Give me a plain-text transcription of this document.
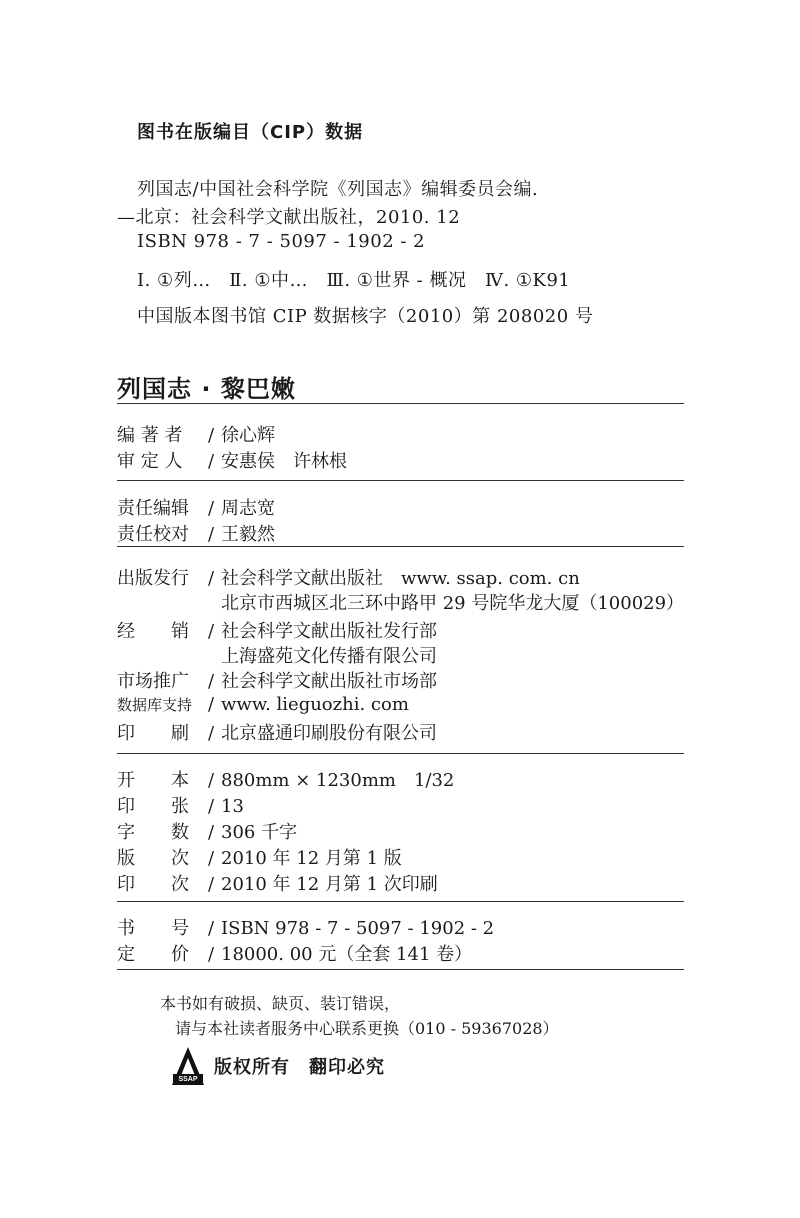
图书在版编目（CIP）数据
列国志/中国社会科学院《列国志》编辑委员会编.
—北京：社会科学文献出版社，2010. 12
ISBN 978 - 7 - 5097 - 1902 - 2
Ⅰ. ①列…　Ⅱ. ①中…　Ⅲ. ①世界 - 概况　Ⅳ. ①K91
中国版本图书馆 CIP 数据核字（2010）第 208020 号
列国志 · 黎巴嫩
编 著 者 / 徐心辉
审 定 人 / 安惠侯　许林根
责任编辑 / 周志宽
责任校对 / 王毅然
出版发行 / 社会科学文献出版社　www. ssap. com. cn
北京市西城区北三环中路甲 29 号院华龙大厦（100029）
经　　销 / 社会科学文献出版社发行部
上海盛苑文化传播有限公司
市场推广 / 社会科学文献出版社市场部
数据库支持 / www. lieguozhi. com
印　　刷 / 北京盛通印刷股份有限公司
开　　本 / 880mm × 1230mm　1/32
印　　张 / 13
字　　数 / 306 千字
版　　次 / 2010 年 12 月第 1 版
印　　次 / 2010 年 12 月第 1 次印刷
书　　号 / ISBN 978 - 7 - 5097 - 1902 - 2
定　　价 / 18000. 00 元（全套 141 卷）
本书如有破损、缺页、装订错误，
请与本社读者服务中心联系更换（010 - 59367028）
SSAP
版权所有　翻印必究
